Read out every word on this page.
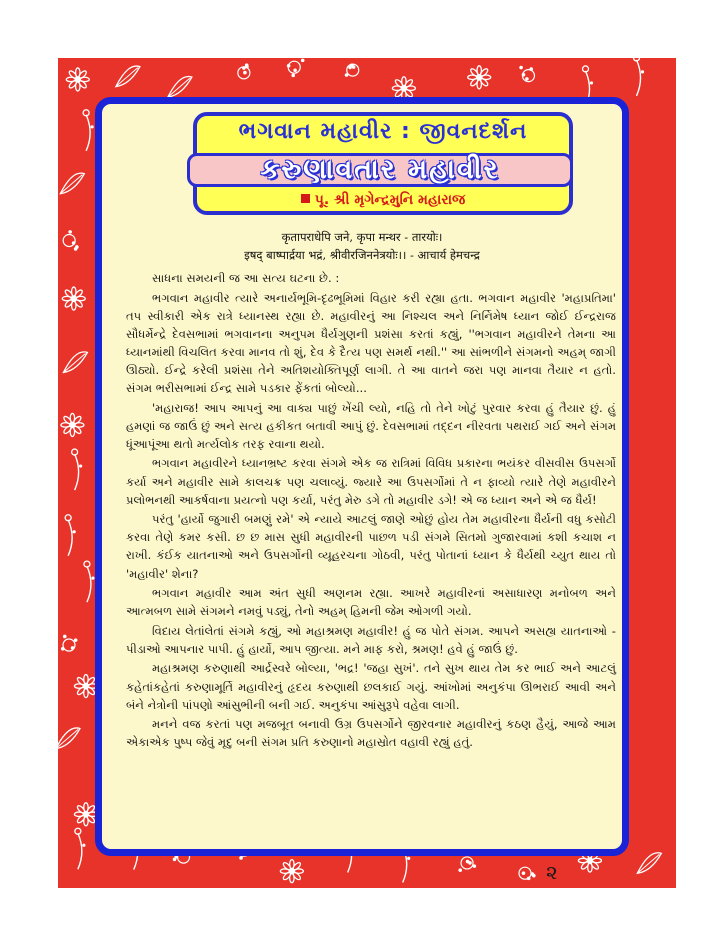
ભગવાન મહાવીર : જીવનદર્શન
કરુણાવતાર મહાવીર
પૂ. શ્રી મૃગેન્દ્રમુનિ મહારાજ
कृतापराधेपि जने, कृपा मन्थर - तारयोः।
इषद् बाष्पार्द्रया भद्रं, श्रीवीरजिननेत्रयोः।। - आचार्य हेमचन्द्र

સાધના સમયની જ આ સત્ય ઘટના છે. :

ભગવાન મહાવીર ત્યારે અનાર્યભૂમિ-દૃઢભૂમિમાં વિહાર કરી રહ્યા હતા. ભગવાન મહાવીર 'મહાપ્રતિમા' તપ સ્વીકારી એક રાત્રે ધ્યાનસ્થ રહ્યા છે. મહાવીરનું આ નિશ્ચલ અને નિર્નિમેષ ધ્યાન જોઈ ઈન્દ્રરાજ સૌધર્મેન્દ્રે દેવસભામાં ભગવાનના અનુપમ ધૈર્યગુણની પ્રશંસા કરતાં કહ્યું, ''ભગવાન મહાવીરને તેમના આ ધ્યાનમાંથી વિચલિત કરવા માનવ તો શું, દેવ કે દૈત્ય પણ સમર્થ નથી.'' આ સાંભળીને સંગમનો અહમ્ જાગી ઊઠ્યો. ઈન્દ્રે કરેલી પ્રશંસા તેને અતિશયોક્તિપૂર્ણ લાગી. તે આ વાતને જરા પણ માનવા તૈયાર ન હતો. સંગમ ભરીસભામાં ઈન્દ્ર સામે પડકાર ફેંકતાં બોલ્યો...

'મહારાજ! આપ આપનું આ વાક્ય પાછું ખેંચી લ્યો, નહિ તો તેને ખોટું પુરવાર કરવા હું તૈયાર છું. હું હમણાં જ જાઉં છું અને સત્ય હકીકત બતાવી આપું છું. દેવસભામાં તદ્દન નીરવતા પથરાઈ ગઈ અને સંગમ ધૂંઆપૂંઆ થતો મર્ત્યલોક તરફ રવાના થયો.

ભગવાન મહાવીરને ધ્યાનભ્રષ્ટ કરવા સંગમે એક જ રાત્રિમાં વિવિધ પ્રકારના ભયંકર વીસવીસ ઉપસર્ગો કર્યા અને મહાવીર સામે કાલચક્ર પણ ચલાવ્યું. જ્યારે આ ઉપસર્ગોમાં તે ન ફાવ્યો ત્યારે તેણે મહાવીરને પ્રલોભનથી આકર્ષવાના પ્રયત્નો પણ કર્યા, પરંતુ મેરુ ડગે તો મહાવીર ડગે! એ જ ધ્યાન અને એ જ ધૈર્ય!

પરંતુ 'હાર્યો જુગારી બમણું રમે' એ ન્યાયે આટલું જાણે ઓછું હોય તેમ મહાવીરના ધૈર્યની વધુ કસોટી કરવા તેણે કમર કસી. છ છ માસ સુધી મહાવીરની પાછળ પડી સંગમે સિતમો ગુજારવામાં કશી કચાશ ન રાખી. કંઈક યાતનાઓ અને ઉપસર્ગોની વ્યૂહરચના ગોઠવી, પરંતુ પોતાનાં ધ્યાન કે ધૈર્યથી ચ્યુત થાય તો 'મહાવીર' શેના?

ભગવાન મહાવીર આમ અંત સુધી અણનમ રહ્યા. આખરે મહાવીરનાં અસાધારણ મનોબળ અને આત્મબળ સામે સંગમને નમવું પડ્યું, તેનો અહમ્ હિમની જેમ ઓગળી ગયો.

વિદાય લેતાંલેતાં સંગમે કહ્યું, ઓ મહાશ્રમણ મહાવીર! હું જ પોતે સંગમ. આપને અસહ્ય યાતનાઓ - પીડાઓ આપનાર પાપી. હું હાર્યો, આપ જીત્યા. મને માફ કરો, શ્રમણ! હવે હું જાઉં છું.

મહાશ્રમણ કરુણાથી આર્દ્રસ્વરે બોલ્યા, 'ભદ્ર! 'જહા સુખં'. તને સુખ થાય તેમ કર ભાઈ અને આટલું કહેતાંકહેતાં કરુણામૂર્તિ મહાવીરનું હૃદય કરુણાથી છલકાઈ ગયું. આંખોમાં અનુકંપા ઊભરાઈ આવી અને બંને નેત્રોની પાંપણો આંસુભીની બની ગઈ. અનુકંપા આંસુરૂપે વહેવા લાગી.

મનને વજ કરતાં પણ મજબૂત બનાવી ઉગ્ર ઉપસર્ગોને જીરવનાર મહાવીરનું કઠણ હૈયું, આજે આમ એકાએક પુષ્પ જેવું મૃદુ બની સંગમ પ્રતિ કરુણાનો મહાસ્રોત વહાવી રહ્યું હતું.

૨
